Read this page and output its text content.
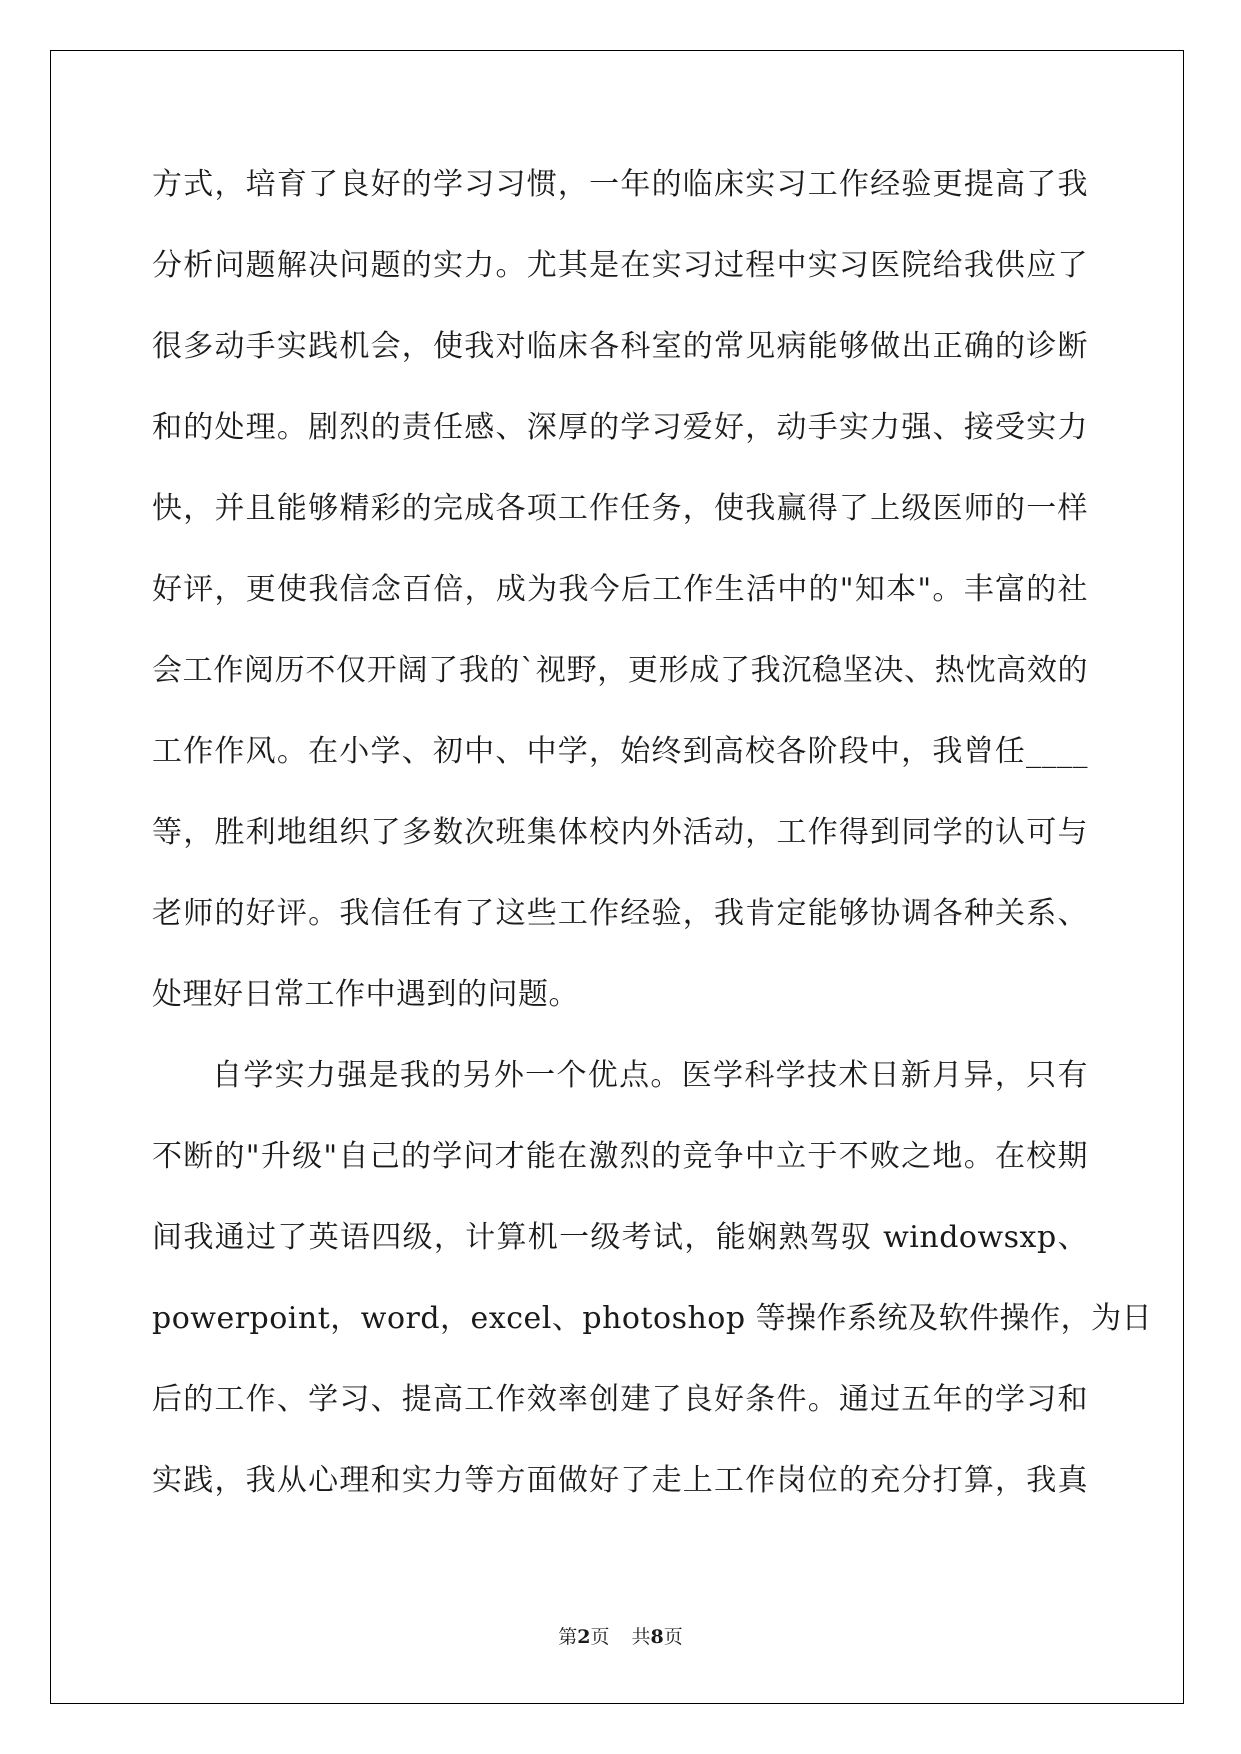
方式，培育了良好的学习习惯，一年的临床实习工作经验更提高了我
分析问题解决问题的实力。尤其是在实习过程中实习医院给我供应了
很多动手实践机会，使我对临床各科室的常见病能够做出正确的诊断
和的处理。剧烈的责任感、深厚的学习爱好，动手实力强、接受实力
快，并且能够精彩的完成各项工作任务，使我赢得了上级医师的一样
好评，更使我信念百倍，成为我今后工作生活中的"知本"。丰富的社
会工作阅历不仅开阔了我的`视野，更形成了我沉稳坚决、热忱高效的
工作作风。在小学、初中、中学，始终到高校各阶段中，我曾任____
等，胜利地组织了多数次班集体校内外活动，工作得到同学的认可与
老师的好评。我信任有了这些工作经验，我肯定能够协调各种关系、
处理好日常工作中遇到的问题。
自学实力强是我的另外一个优点。医学科学技术日新月异，只有
不断的"升级"自己的学问才能在激烈的竞争中立于不败之地。在校期
间我通过了英语四级，计算机一级考试，能娴熟驾驭 windowsxp、
powerpoint，word，excel、photoshop 等操作系统及软件操作，为日
后的工作、学习、提高工作效率创建了良好条件。通过五年的学习和
实践，我从心理和实力等方面做好了走上工作岗位的充分打算，我真
第2页 共8页
